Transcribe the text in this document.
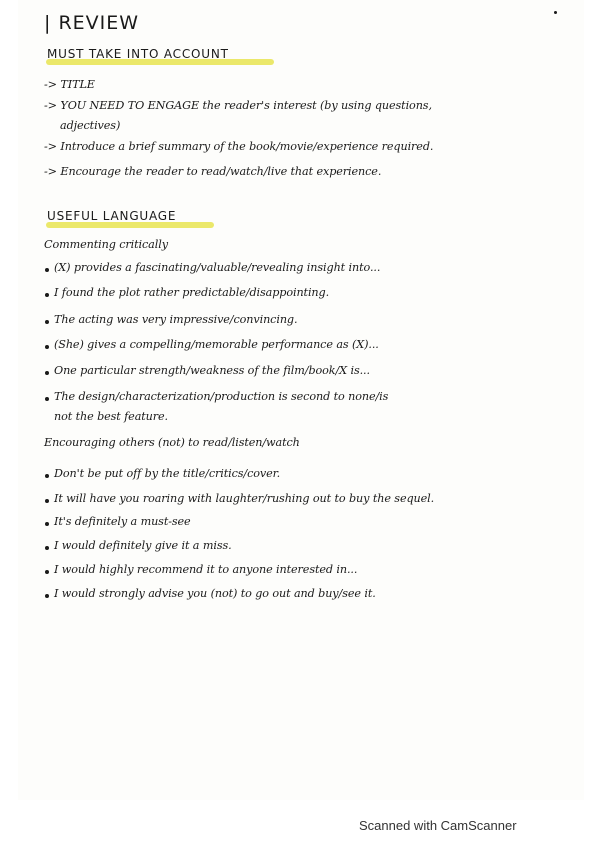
| REVIEW
MUST TAKE INTO ACCOUNT
-> TITLE
-> YOU NEED TO ENGAGE the reader's interest (by using questions,
adjectives)
-> Introduce a brief summary of the book/movie/experience required.
-> Encourage the reader to read/watch/live that experience.
USEFUL LANGUAGE
Commenting critically
(X) provides a fascinating/valuable/revealing insight into...
I found the plot rather predictable/disappointing.
The acting was very impressive/convincing.
(She) gives a compelling/memorable performance as (X)...
One particular strength/weakness of the film/book/X is...
The design/characterization/production is second to none/is
not the best feature.
Encouraging others (not) to read/listen/watch
Don't be put off by the title/critics/cover.
It will have you roaring with laughter/rushing out to buy the sequel.
It's definitely a must-see
I would definitely give it a miss.
I would highly recommend it to anyone interested in...
I would strongly advise you (not) to go out and buy/see it.
Scanned with CamScanner
